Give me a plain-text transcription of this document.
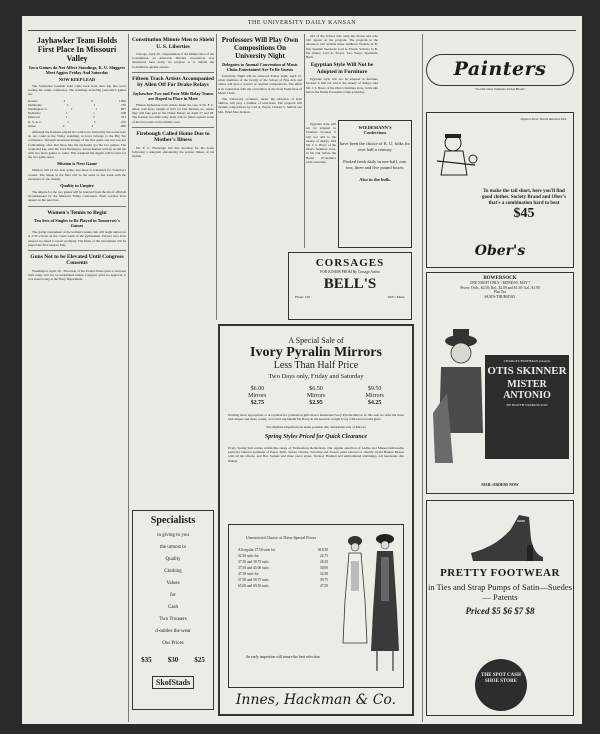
THE UNIVERSITY DAILY KANSAN
Jayhawker Team Holds First Place In Missouri Valley
Iowa Games do Not Affect Standings, K. U. Sluggers Meet Aggies Friday And Saturday
NOW KEEP LEAD

The Jayhawker baseball team came back from their trip into Iowa leading the valley conference. The standings including yesterday's games are:

Kansas	4	0	1.000
Oklahoma	3	1	.750
Washington U.	2	1	.667
Nebraska	1	1	.500
Missouri	1	2	.333
K. S. A. C.	1	3	.250
Ames	0	4	.000

Although the Kansans played two with Iowa University the scores here do not count in the Valley standings as Iowa belongs to the Big Ten conference. Through seventeen innings of the first game one run was not forthcoming, after that more hits the Jayhawks got the two games. The week-end trip, with the Iowa Hawkeyes, leaves Kansas well up on the list with two more games to come. This weekend the Aggies will be here for the two game series.

Mission is Next Game

Mission will be the next game, and there is scheduled for Saturday's contest. The lineup in the field will be the same as last week with the exception of one change.

Quality in Umpire

The umpire for the two games will be selected from the list of officials recommended by the Missouri Valley conference. Both coaches have agreed on the selection.

Women's Tennis to Begin
Ten Sets of Singles to Be Played in Tomorrow's Games

The spring tournament of the women's tennis club will begin tomorrow at 2:30 o'clock on the courts south of the gymnasium. Players who have entered are asked to report promptly. The finals of the tournament will be played the first week in May.

Guns Not to be Elevated Until Congress Consents

Washington, April 26 - Elevation of the United States guns to increase their range will not be undertaken unless Congress gives its approval, it was stated today at the Navy Department.

Constitution Minute Men to Shield U. S. Liberties

Chicago, April 26 - Organization of the Minute Men of the Constitution, an American liberties association, was announced here today. Its purpose is to defend the Constitution against attacks.

Fifteen Track Artists Accompanied by Allen Off For Drake Relays
Jayhawker Two and Four Mile Relay Teams are Doped to Place in Meet

Fifteen Jayhawker track artists, under the care of Dr. F. C. Allen, will leave tonight at 9:25 for Des Moines, Ia., where they will take part in the Drake Relays on April 27 and 28. The Kansas two-mile relay team will be pitted against some of the best teams in the middle-west.

Firebough Called Home Due to Mother's Illness

Mr. F. C. Firebough left this morning for his home following a telegram announcing the serious illness of his mother.

Specialists
in giving to you
the utmost in
Quality
Clothing
Values
for
Cash
Two Trousers
d-oubles the wear
Our Prices
$35 $30 $25
SkofStads
Professors Will Play Own Compositions On University Night
Delegates to Annual Convention of Music Clubs Entertained Are To Be Guests

University Night will be observed Friday night, April 27, when members of the faculty of the School of Fine Arts and others will give a concert of original compositions. The affair is in connection with the convention of the State Federation of Music Clubs.

The University orchestra, under the direction of Karl Skilton, will play a number of selections. The program will include compositions by Carl A. Preyer, Charles S. Skilton and Mrs. Ethel Mae Jackson.

Old of the School who sang the chorus and who will appear on the program. The program in the afternoon will include these numbers: Prelude in B-flat; Spanish Serenade; Carl A. Preyer. Scherzo in B-flat minor; Carl A. Preyer. Two Negro Spirituals; Bach.

Egyptian Style Will Not be Adopted in Furniture

Egyptian style will not be adopted in furniture because it will not add to the beauty of design, said Mr. J. S. Bruce of the Ober's furniture store, in his talk before the Home Economics Club yesterday.

Egyptian style will not be adopted in furniture because it will not add to the beauty of design, said Mr. J. S. Bruce of the Ober's furniture store, in his talk before the Home Economics Club yesterday.

WIEDEMANN'S
Confections
have been the choice of K. U. folks for over half a century.
Packed fresh daily in one-half, one, two, three and five pound boxes.
Also in the bulk.
CORSAGES
FOR JUNIOR PROM By Corsage Artists
BELL'S
Phone 120	825½ Mass.
A Special Sale of
Ivory Pyralin Mirrors
Less Than Half Price
Two Days only, Friday and Saturday
$6.00
Mirrors
$2.75
$6.50
Mirrors
$2.95
$9.50
Mirrors
$4.25
Nothing more appropriate or acceptable for graduation gifts than a handsome Ivory Pyralin Mirror. In this sale we offer the three best shapes and sizes, round, oval and long handle Du Barry in the heaviest weight Ivory with best beveled glass.
The slightest imperfections make possible this remarkable sale of Mirrors
Spring Styles Priced for Quick Clearance
Every Spring Suit comes within this range of Tremendous Reductions. Our regular selection of Ladies and Misses fashionable perfectly tailored garments of Poiret Twill, Velour Checks, Tricotine and Tweed, plain tailored or smartly styled Balkan Blouse with all the effects, and Box Jackets and three piece styles. Tucked, Braided and embroidered trimmings. All handsome silk linings.
Unrestricted Choice at These Special Prices
All regular 27.50 suits for	$18.50
32.50 suits for	22.75
37.50 and 39.75 suits	26.50
37.50 and 45.00 suits	30.00
47.50 suits for	32.50
57.50 and 59.75 suits	39.75
65.00 and 69.50 suits	47.50
An early inspection will insure the best selection.
Innes, Hackman & Co.
Painters
"So Our Own Students-Union Block"
Dayton Steel Tennis Rackets $10.
To make the tail short, here you'll find good clothes. Society Brand and Ober's that's a combination hard to beat
$45
Ober's
BOWERSOCK
ONE NIGHT ONLY - MONDAY, MAY 7
Prices: Orch., $2.50; Bal., $2.00 and $1.50; Gal., $1.00
Plus Tax
SEATS-THURSDAY
CHARLES FROHMAN presents
OTIS SKINNER
MISTER ANTONIO
BY BOOTH TARKINGTON
MAIL ORDERS NOW
PRETTY FOOTWEAR
in Ties and Strap Pumps of Satin—Suedes— Patents
Priced $5 $6 $7 $8
THE SPOT CASH SHOE STORE
